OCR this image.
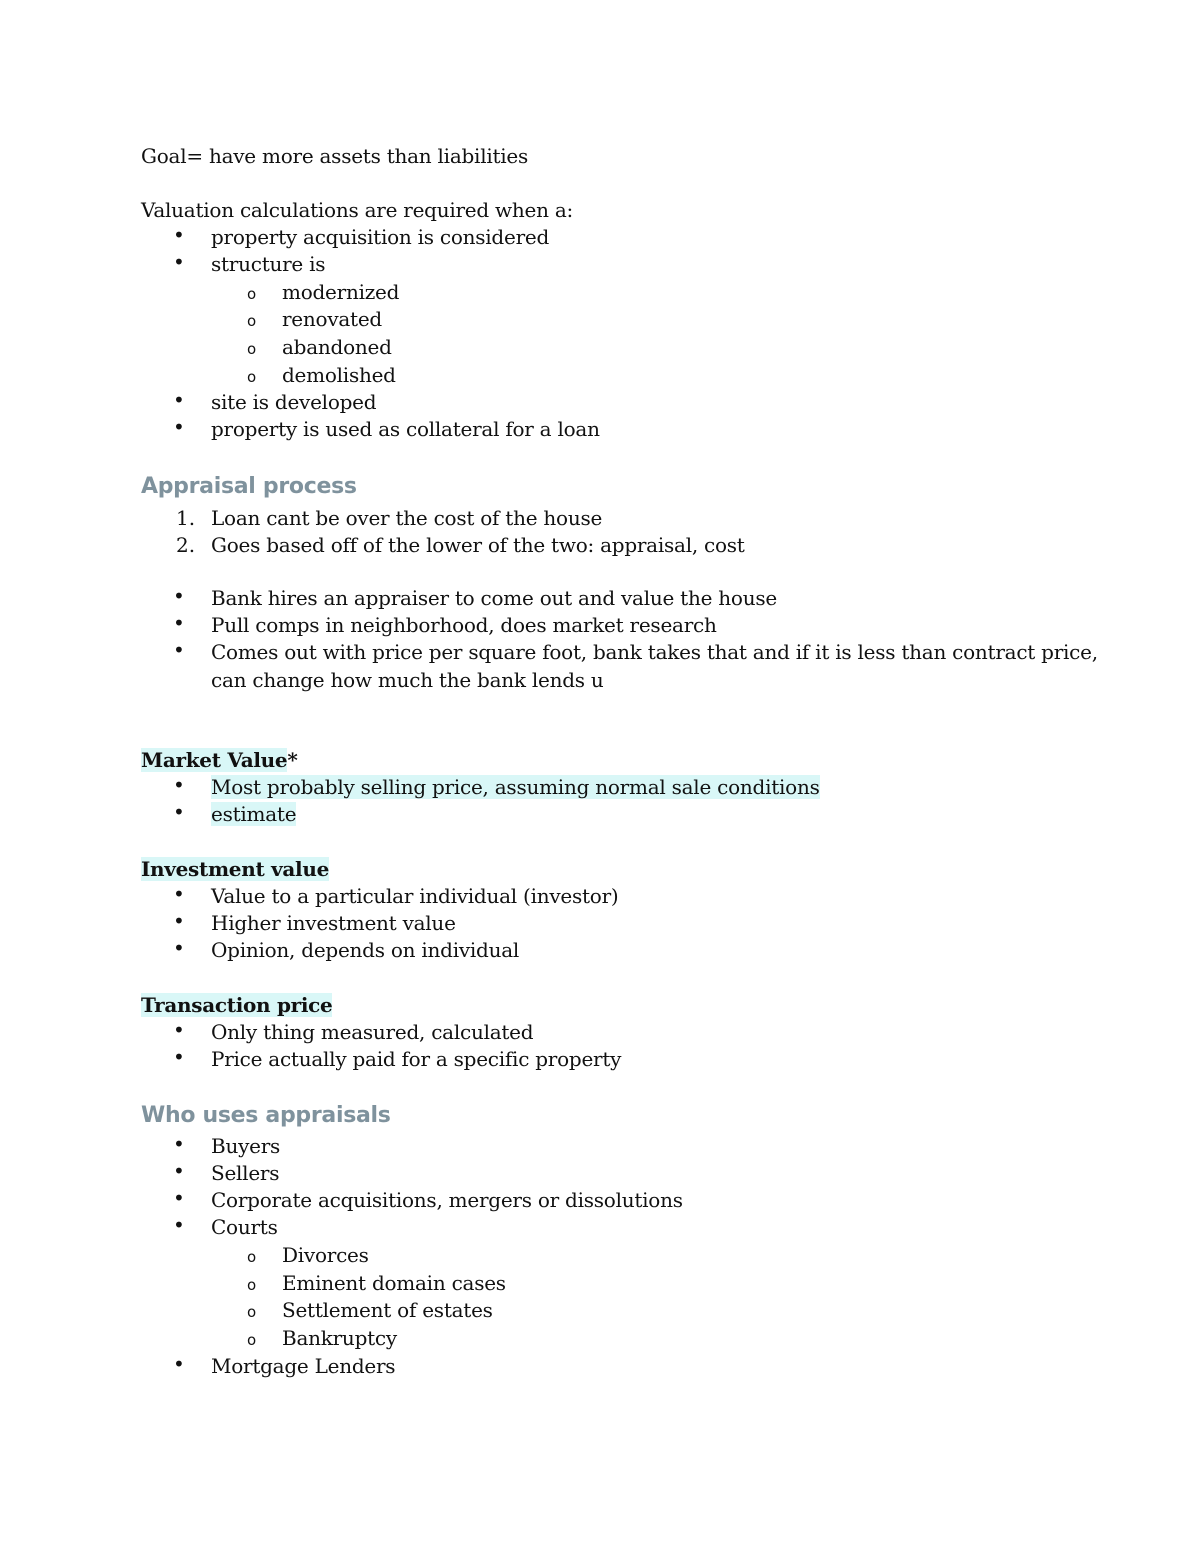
Goal= have more assets than liabilities
Valuation calculations are required when a:
•
property acquisition is considered
•
structure is
o
modernized
o
renovated
o
abandoned
o
demolished
•
site is developed
•
property is used as collateral for a loan
Appraisal process
1. Loan cant be over the cost of the house
2. Goes based off of the lower of the two: appraisal, cost
•
Bank hires an appraiser to come out and value the house
•
Pull comps in neighborhood, does market research
•
Comes out with price per square foot, bank takes that and if it is less than contract price,
can change how much the bank lends u
Market Value*
•
Most probably selling price, assuming normal sale conditions
•
estimate
Investment value
•
Value to a particular individual (investor)
•
Higher investment value
•
Opinion, depends on individual
Transaction price
•
Only thing measured, calculated
•
Price actually paid for a specific property
Who uses appraisals
•
Buyers
•
Sellers
•
Corporate acquisitions, mergers or dissolutions
•
Courts
o
Divorces
o
Eminent domain cases
o
Settlement of estates
o
Bankruptcy
•
Mortgage Lenders
